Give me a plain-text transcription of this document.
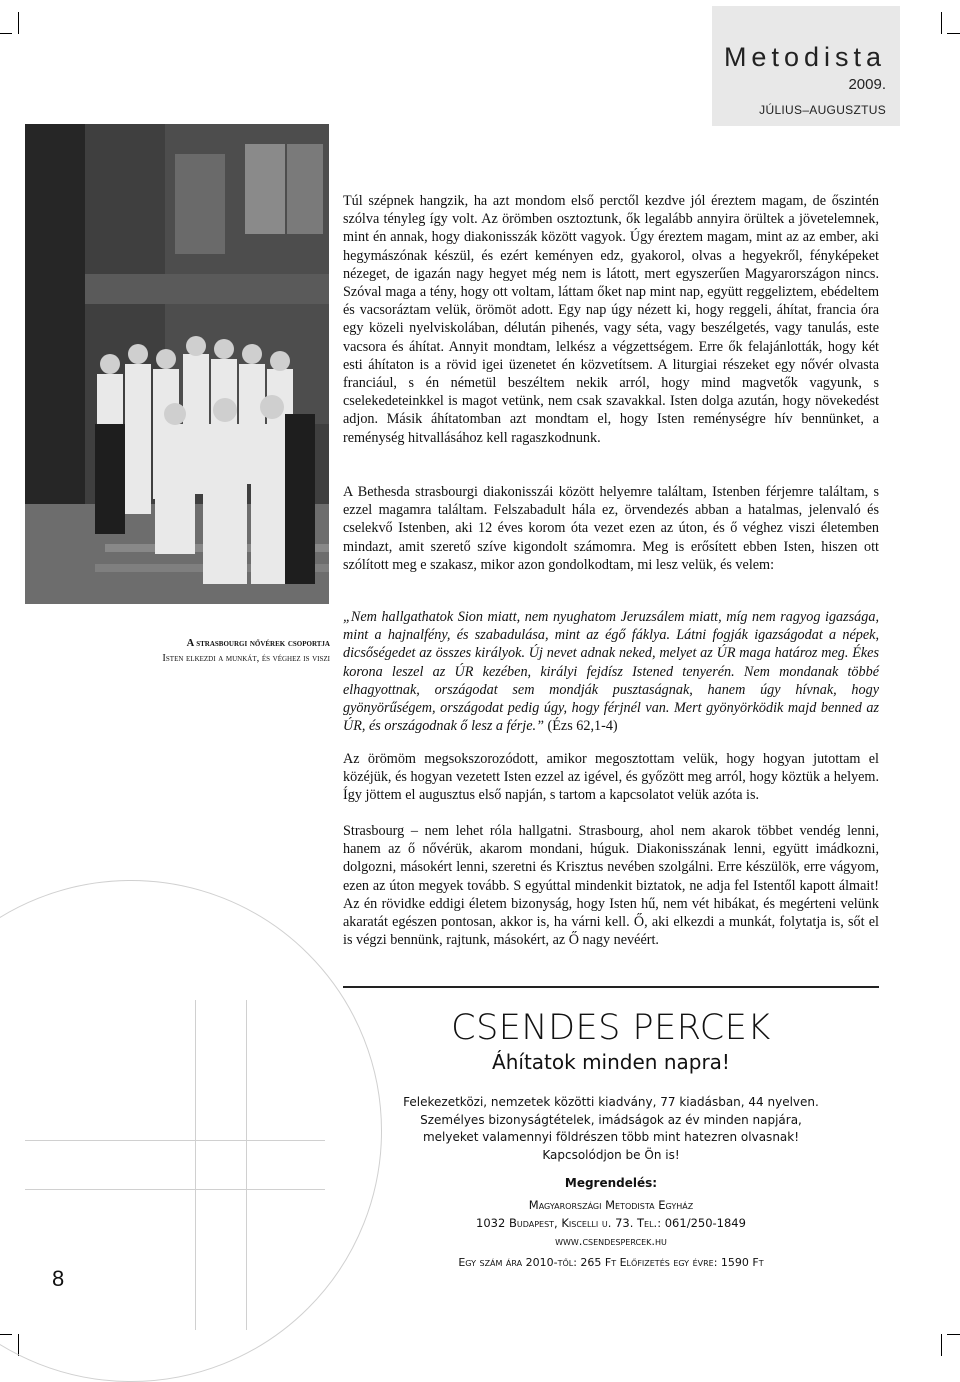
Metodista
2009.
JÚLIUS–AUGUSZTUS
A strasbourgi nővérek csoportja
Isten elkezdi a munkát, és véghez is viszi

Túl szépnek hangzik, ha azt mondom első perctől kezdve jól éreztem magam, de őszintén szólva tényleg így volt. Az örömben osztoztunk, ők legalább annyira örültek a jövetelemnek, mint én annak, hogy diakonisszák között vagyok. Úgy éreztem magam, mint az az ember, aki hegymászónak készül, és ezért keményen edz, gyakorol, olvas a hegyekről, fényképeket nézeget, de igazán nagy hegyet még nem is látott, mert egyszerűen Magyarországon nincs. Szóval maga a tény, hogy ott voltam, láttam őket nap mint nap, együtt reggeliztem, ebédeltem és vacsoráztam velük, örömöt adott. Egy nap úgy nézett ki, hogy reggeli, áhítat, francia óra egy közeli nyelviskolában, délután pihenés, vagy séta, vagy beszélgetés, vagy tanulás, este vacsora és áhítat. Annyit mondtam, lelkész a végzettségem. Erre ők felajánlották, hogy két esti áhítaton is a rövid igei üzenetet én közvetítsem. A liturgiai részeket egy nővér olvasta franciául, s én németül beszéltem nekik arról, hogy mind magvetők vagyunk, s cselekedeteinkkel is magot vetünk, nem csak szavakkal. Isten dolga azután, hogy növekedést adjon. Másik áhítatomban azt mondtam el, hogy Isten reménységre hív bennünket, a reménység hitvallásához kell ragaszkodnunk.

A Bethesda strasbourgi diakonisszái között helyemre találtam, Istenben férjemre találtam, s ezzel magamra találtam. Felszabadult hála ez, örvendezés abban a hatalmas, jelenvaló és cselekvő Istenben, aki 12 éves korom óta vezet ezen az úton, és ő véghez viszi életemben mindazt, amit szerető szíve kigondolt számomra. Meg is erősített ebben Isten, hiszen ott szólított meg e szakasz, mikor azon gondolkodtam, mi lesz velük, és velem:

„Nem hallgathatok Sion miatt, nem nyughatom Jeruzsálem miatt, míg nem ragyog igazsága, mint a hajnalfény, és szabadulása, mint az égő fáklya. Látni fogják igazságodat a népek, dicsőségedet az összes királyok. Új nevet adnak neked, melyet az ÚR maga határoz meg. Ékes korona leszel az ÚR kezében, királyi fejdísz Istened tenyerén. Nem mondanak többé elhagyottnak, országodat sem mondják pusztaságnak, hanem úgy hívnak, hogy gyönyörűségem, országodat pedig úgy, hogy férjnél van. Mert gyönyörködik majd benned az ÚR, és országodnak ő lesz a férje.” (Ézs 62,1-4)

Az örömöm megsokszorozódott, amikor megosztottam velük, hogy hogyan jutottam el közéjük, és hogyan vezetett Isten ezzel az igével, és győzött meg arról, hogy köztük a helyem. Így jöttem el augusztus első napján, s tartom a kapcsolatot velük azóta is.

Strasbourg – nem lehet róla hallgatni. Strasbourg, ahol nem akarok többet vendég lenni, hanem az ő nővérük, akarom mondani, húguk. Diakonisszának lenni, együtt imádkozni, dolgozni, másokért lenni, szeretni és Krisztus nevében szolgálni. Erre készülök, erre vágyom, ezen az úton megyek tovább. S egyúttal mindenkit biztatok, ne adja fel Istentől kapott álmait! Az én rövidke eddigi életem bizonyság, hogy Isten hű, nem vét hibákat, és megérteni velünk akaratát egészen pontosan, akkor is, ha várni kell. Ő, aki elkezdi a munkát, folytatja is, sőt el is végzi bennünk, rajtunk, másokért, az Ő nagy nevéért.

8
CSENDES PERCEK
Áhítatok minden napra!
Felekezetközi, nemzetek közötti kiadvány, 77 kiadásban, 44 nyelven.
Személyes bizonyságtételek, imádságok az év minden napjára,
melyeket valamennyi földrészen több mint hatezren olvasnak!
Kapcsolódjon be Ön is!
Megrendelés:
Magyarországi Metodista Egyház
1032 Budapest, Kiscelli u. 73. Tel.: 061/250-1849
www.csendespercek.hu
Egy szám ára 2010-től: 265 Ft Előfizetés egy évre: 1590 Ft
